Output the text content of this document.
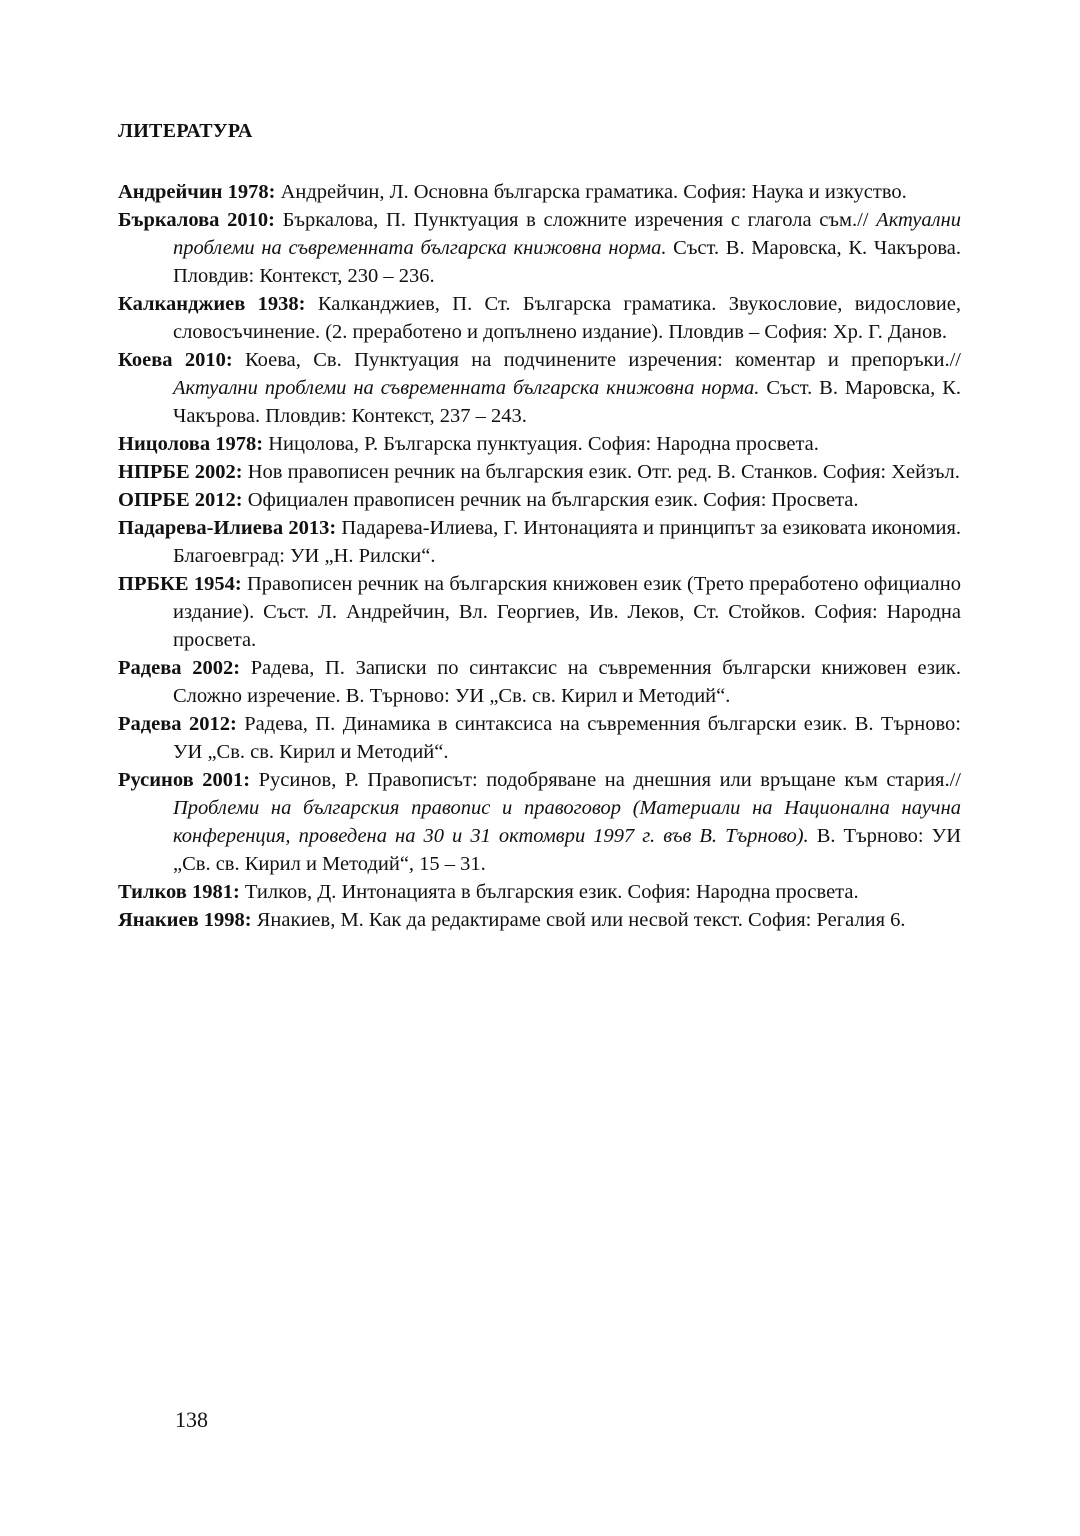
ЛИТЕРАТУРА

Андрейчин 1978: Андрейчин, Л. Основна българска граматика. София: Наука и изкуство.

Бъркалова 2010: Бъркалова, П. Пунктуация в сложните изречения с глагола съм.// Актуални проблеми на съвременната българска книжовна норма. Съст. В. Маровска, К. Чакърова. Пловдив: Контекст, 230 – 236.

Калканджиев 1938: Калканджиев, П. Ст. Българска граматика. Звукословие, видословие, словосъчинение. (2. преработено и допълнено издание). Пловдив – София: Хр. Г. Данов.

Коева 2010: Коева, Св. Пунктуация на подчинените изречения: коментар и препоръки.// Актуални проблеми на съвременната българска книжовна норма. Съст. В. Маровска, К. Чакърова. Пловдив: Контекст, 237 – 243.

Ницолова 1978: Ницолова, Р. Българска пунктуация. София: Народна просвета.

НПРБЕ 2002: Нов правописен речник на българския език. Отг. ред. В. Станков. София: Хейзъл.

ОПРБЕ 2012: Официален правописен речник на българския език. София: Просвета.

Падарева-Илиева 2013: Падарева-Илиева, Г. Интонацията и принципът за езиковата икономия. Благоевград: УИ „Н. Рилски“.

ПРБКЕ 1954: Правописен речник на българския книжовен език (Трето преработено официално издание). Съст. Л. Андрейчин, Вл. Георгиев, Ив. Леков, Ст. Стойков. София: Народна просвета.

Радева 2002: Радева, П. Записки по синтаксис на съвременния български книжовен език. Сложно изречение. В. Търново: УИ „Св. св. Кирил и Методий“.

Радева 2012: Радева, П. Динамика в синтаксиса на съвременния български език. В. Търново: УИ „Св. св. Кирил и Методий“.

Русинов 2001: Русинов, Р. Правописът: подобряване на днешния или връщане към стария.// Проблеми на българския правопис и правоговор (Материали на Националнa научна конференция, проведена на 30 и 31 октомври 1997 г. във В. Търново). В. Търново: УИ „Св. св. Кирил и Методий“, 15 – 31.

Тилков 1981: Тилков, Д. Интонацията в българския език. София: Народна просвета.

Янакиев 1998: Янакиев, М. Как да редактираме свой или несвой текст. София: Регалия 6.

138
